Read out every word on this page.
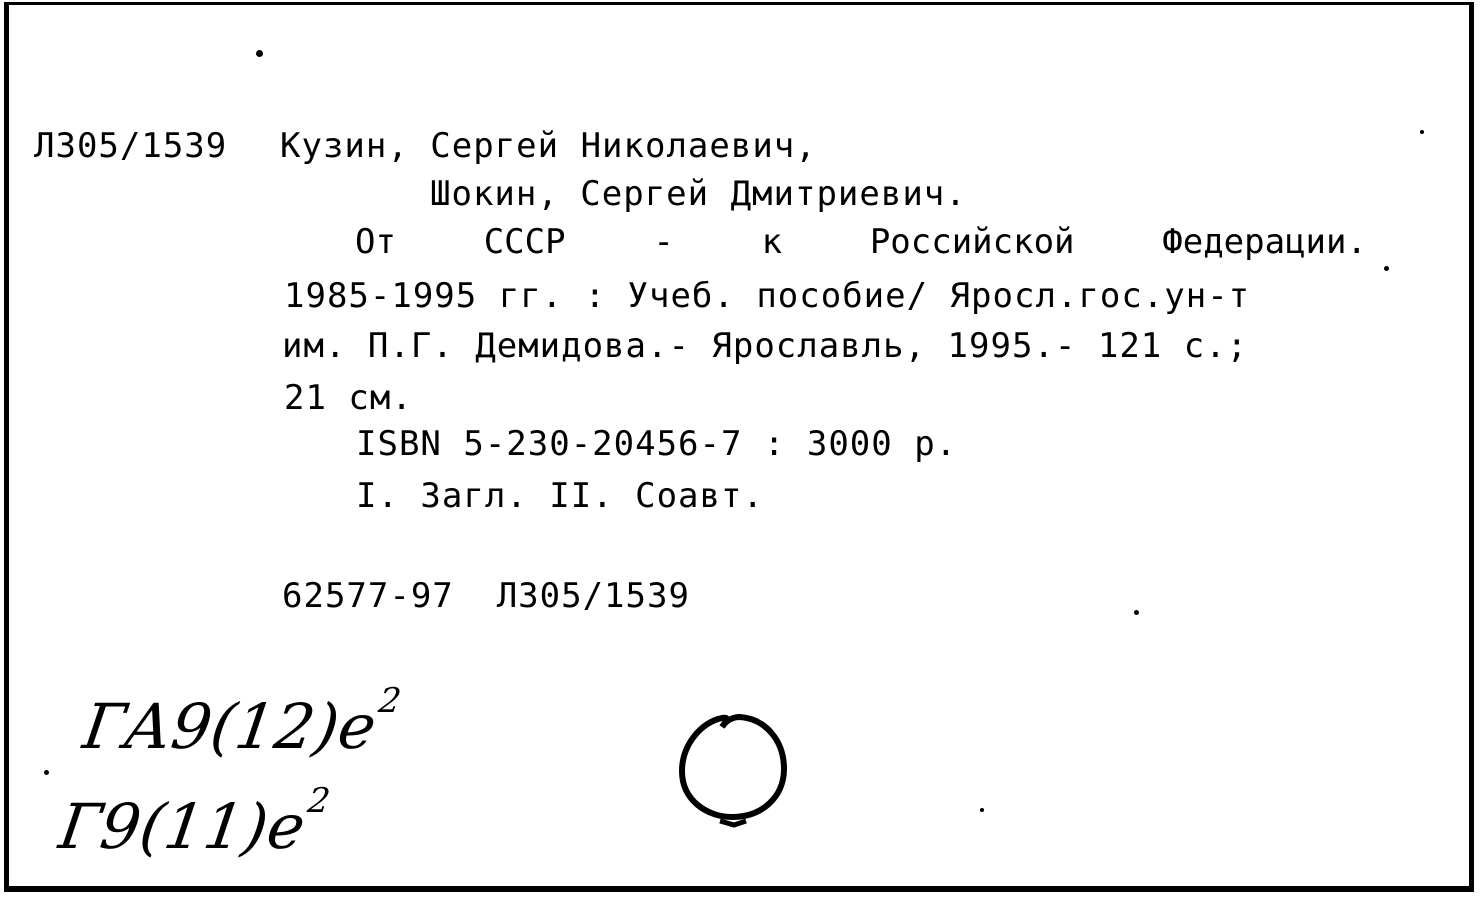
Л305/1539 Кузин, Сергей Николаевич,
Шокин, Сергей Дмитриевич.
От	СССР	-	к	Российской	Федерации.
1985-1995 гг. : Учеб. пособие/ Яросл.гос.ун-т
им. П.Г. Демидова.- Ярославль, 1995.- 121 с.;
21 см.
ISBN 5-230-20456-7 : 3000 р.
I. Загл. II. Соавт.
62577-97  Л305/1539
$ГА9(12)е^2$
$Г9(11)е^2$
